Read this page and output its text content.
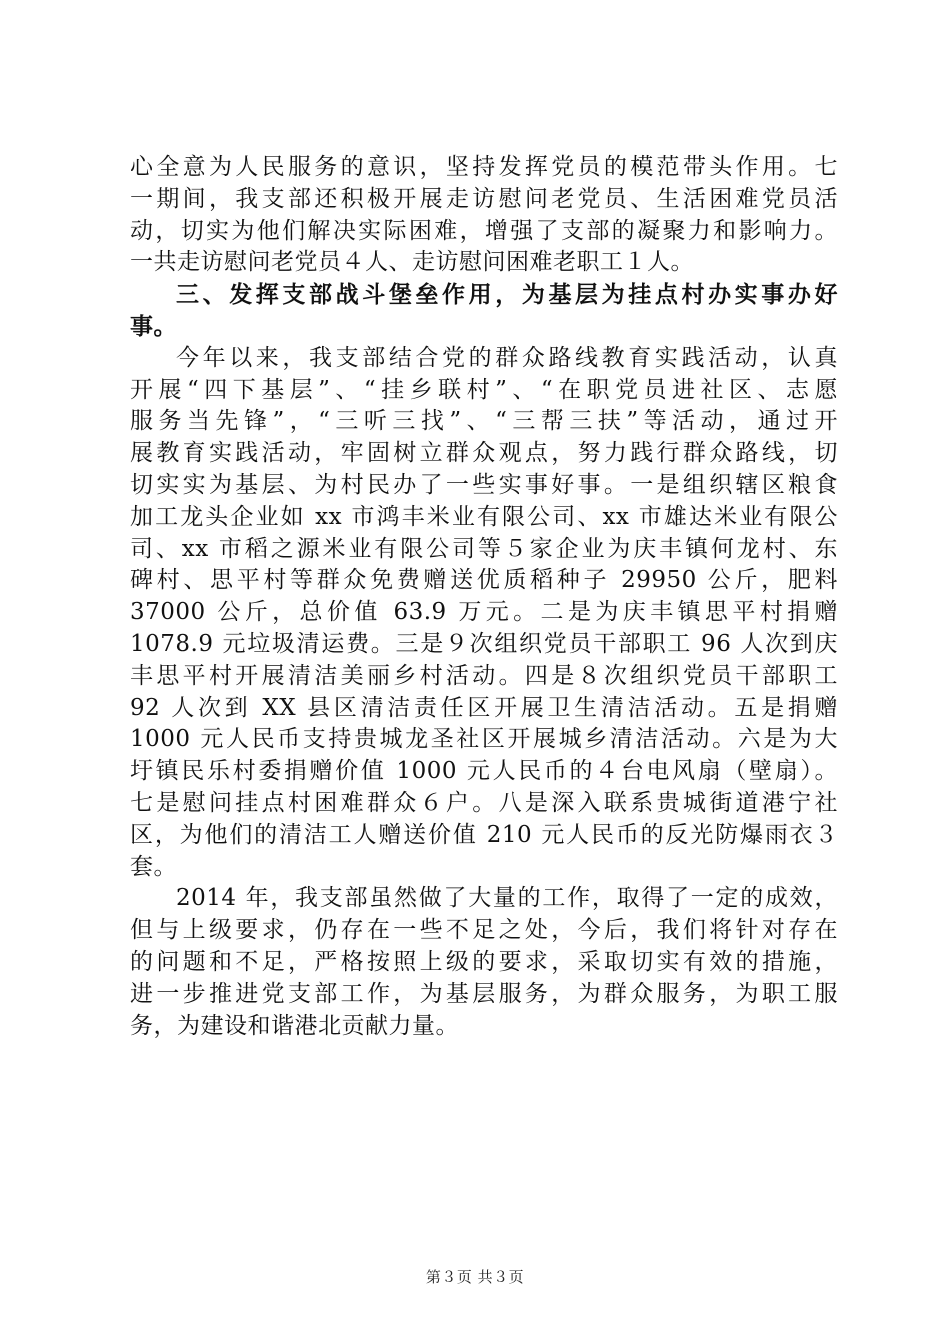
心全意为人民服务的意识，坚持发挥党员的模范带头作用。七
一期间，我支部还积极开展走访慰问老党员、生活困难党员活
动，切实为他们解决实际困难，增强了支部的凝聚力和影响力。
一共走访慰问老党员４人、走访慰问困难老职工１人。
三、发挥支部战斗堡垒作用，为基层为挂点村办实事办好
事。
今年以来，我支部结合党的群众路线教育实践活动，认真
开展“四下基层”、“挂乡联村”、“在职党员进社区、志愿
服务当先锋”，“三听三找”、“三帮三扶”等活动，通过开
展教育实践活动，牢固树立群众观点，努力践行群众路线，切
切实实为基层、为村民办了一些实事好事。一是组织辖区粮食
加工龙头企业如 xx 市鸿丰米业有限公司、xx 市雄达米业有限公
司、xx 市稻之源米业有限公司等５家企业为庆丰镇何龙村、东
碑村、思平村等群众免费赠送优质稻种子 29950 公斤，肥料
37000 公斤，总价值 63.9 万元。二是为庆丰镇思平村捐赠
1078.9 元垃圾清运费。三是９次组织党员干部职工 96 人次到庆
丰思平村开展清洁美丽乡村活动。四是８次组织党员干部职工
92 人次到 XX 县区清洁责任区开展卫生清洁活动。五是捐赠
1000 元人民币支持贵城龙圣社区开展城乡清洁活动。六是为大
圩镇民乐村委捐赠价值 1000 元人民币的４台电风扇（壁扇）。
七是慰问挂点村困难群众６户。八是深入联系贵城街道港宁社
区，为他们的清洁工人赠送价值 210 元人民币的反光防爆雨衣３
套。
2014 年，我支部虽然做了大量的工作，取得了一定的成效，
但与上级要求，仍存在一些不足之处，今后，我们将针对存在
的问题和不足，严格按照上级的要求，采取切实有效的措施，
进一步推进党支部工作，为基层服务，为群众服务，为职工服
务，为建设和谐港北贡献力量。
第３页 共３页
